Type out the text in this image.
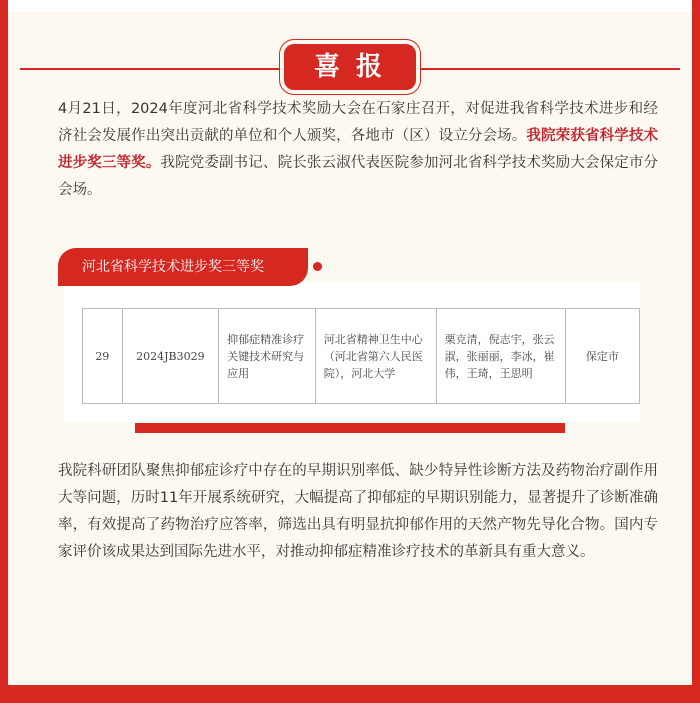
喜报
4月21日，2024年度河北省科学技术奖励大会在石家庄召开，对促进我省科学技术进步和经济社会发展作出突出贡献的单位和个人颁奖，各地市（区）设立分会场。我院荣获省科学技术进步奖三等奖。我院党委副书记、院长张云淑代表医院参加河北省科学技术奖励大会保定市分会场。
29	2024JB3029	抑郁症精准诊疗关键技术研究与应用	河北省精神卫生中心（河北省第六人民医院），河北大学	栗克清，倪志宇，张云淑，张丽丽，李冰，崔伟，王琦，王思明	保定市
河北省科学技术进步奖三等奖
我院科研团队聚焦抑郁症诊疗中存在的早期识别率低、缺少特异性诊断方法及药物治疗副作用大等问题，历时11年开展系统研究，大幅提高了抑郁症的早期识别能力，显著提升了诊断准确率，有效提高了药物治疗应答率，筛选出具有明显抗抑郁作用的天然产物先导化合物。国内专家评价该成果达到国际先进水平，对推动抑郁症精准诊疗技术的革新具有重大意义。
